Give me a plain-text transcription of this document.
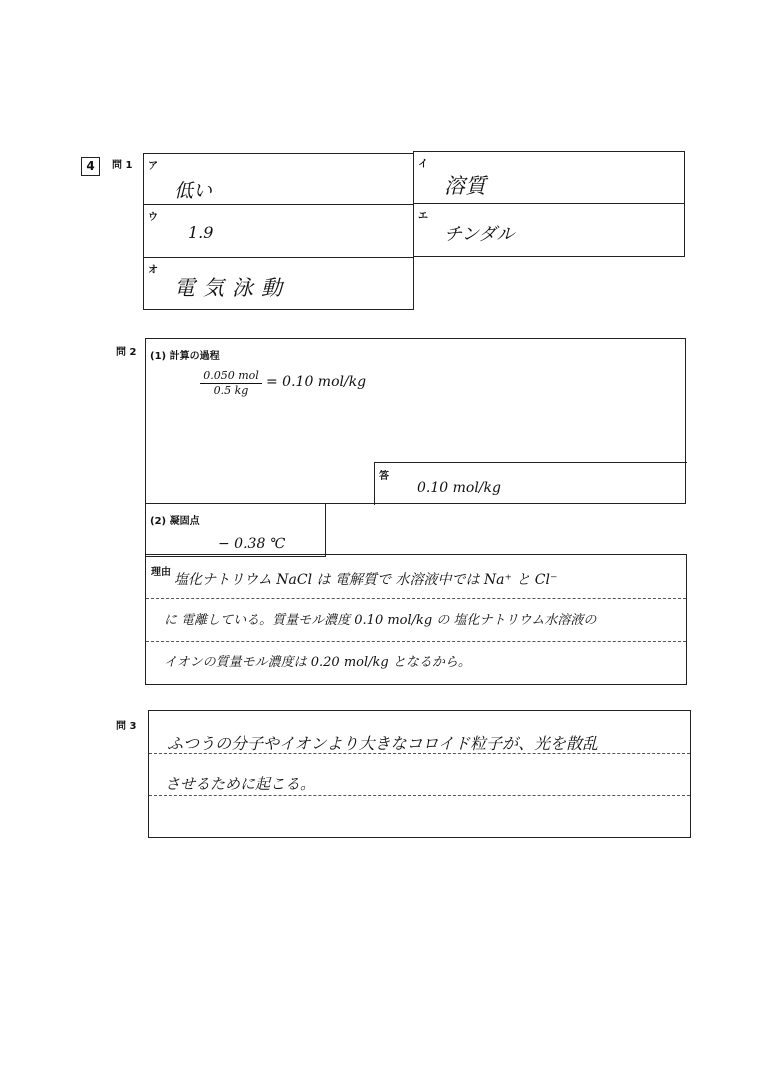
4	問 1 ア
低い
イ
溶質
ウ
1.9
エ
チンダル
オ
電気泳動
問 2 (1) 計算の過程
0.050 mol
0.5 kg
= 0.10 mol/kg
答
0.10 mol/kg
(2) 凝固点
− 0.38 ℃
理由 塩化ナトリウム NaCl は 電解質で 水溶液中では Na⁺ と Cl⁻
に 電離している。質量モル濃度 0.10 mol/kg の 塩化ナトリウム水溶液の
イオンの質量モル濃度は 0.20 mol/kg となるから。
問 3
ふつうの分子やイオンより大きなコロイド粒子が、光を散乱
させるために起こる。
